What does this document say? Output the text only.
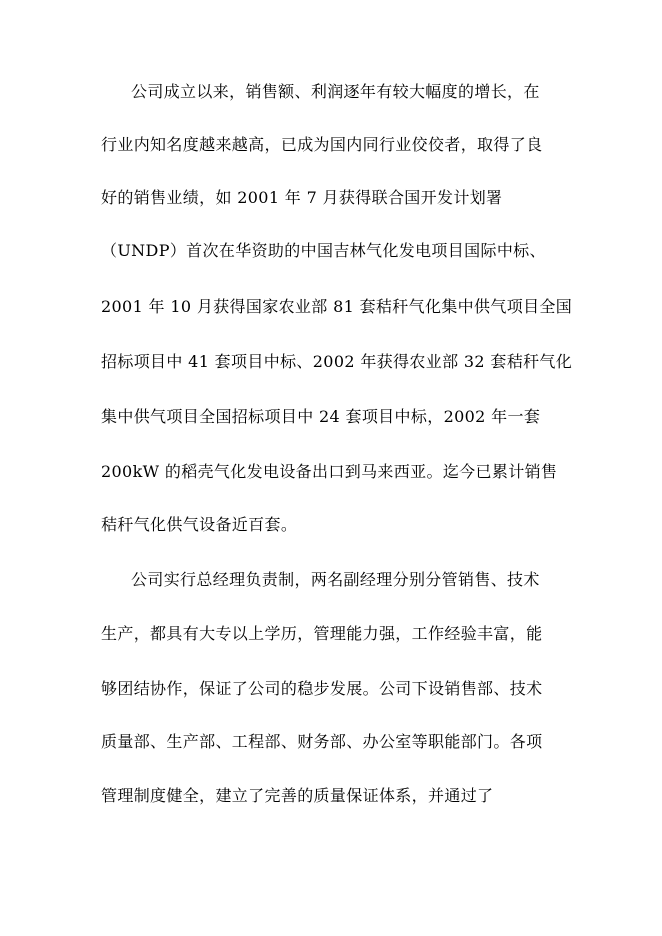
公司成立以来，销售额、利润逐年有较大幅度的增长，在
行业内知名度越来越高，已成为国内同行业佼佼者，取得了良
好的销售业绩，如 2001 年 7 月获得联合国开发计划署
（UNDP）首次在华资助的中国吉林气化发电项目国际中标、
2001 年 10 月获得国家农业部 81 套秸秆气化集中供气项目全国
招标项目中 41 套项目中标、2002 年获得农业部 32 套秸秆气化
集中供气项目全国招标项目中 24 套项目中标，2002 年一套
200kW 的稻壳气化发电设备出口到马来西亚。迄今已累计销售
秸秆气化供气设备近百套。
公司实行总经理负责制，两名副经理分别分管销售、技术
生产，都具有大专以上学历，管理能力强，工作经验丰富，能
够团结协作，保证了公司的稳步发展。公司下设销售部、技术
质量部、生产部、工程部、财务部、办公室等职能部门。各项
管理制度健全，建立了完善的质量保证体系，并通过了
